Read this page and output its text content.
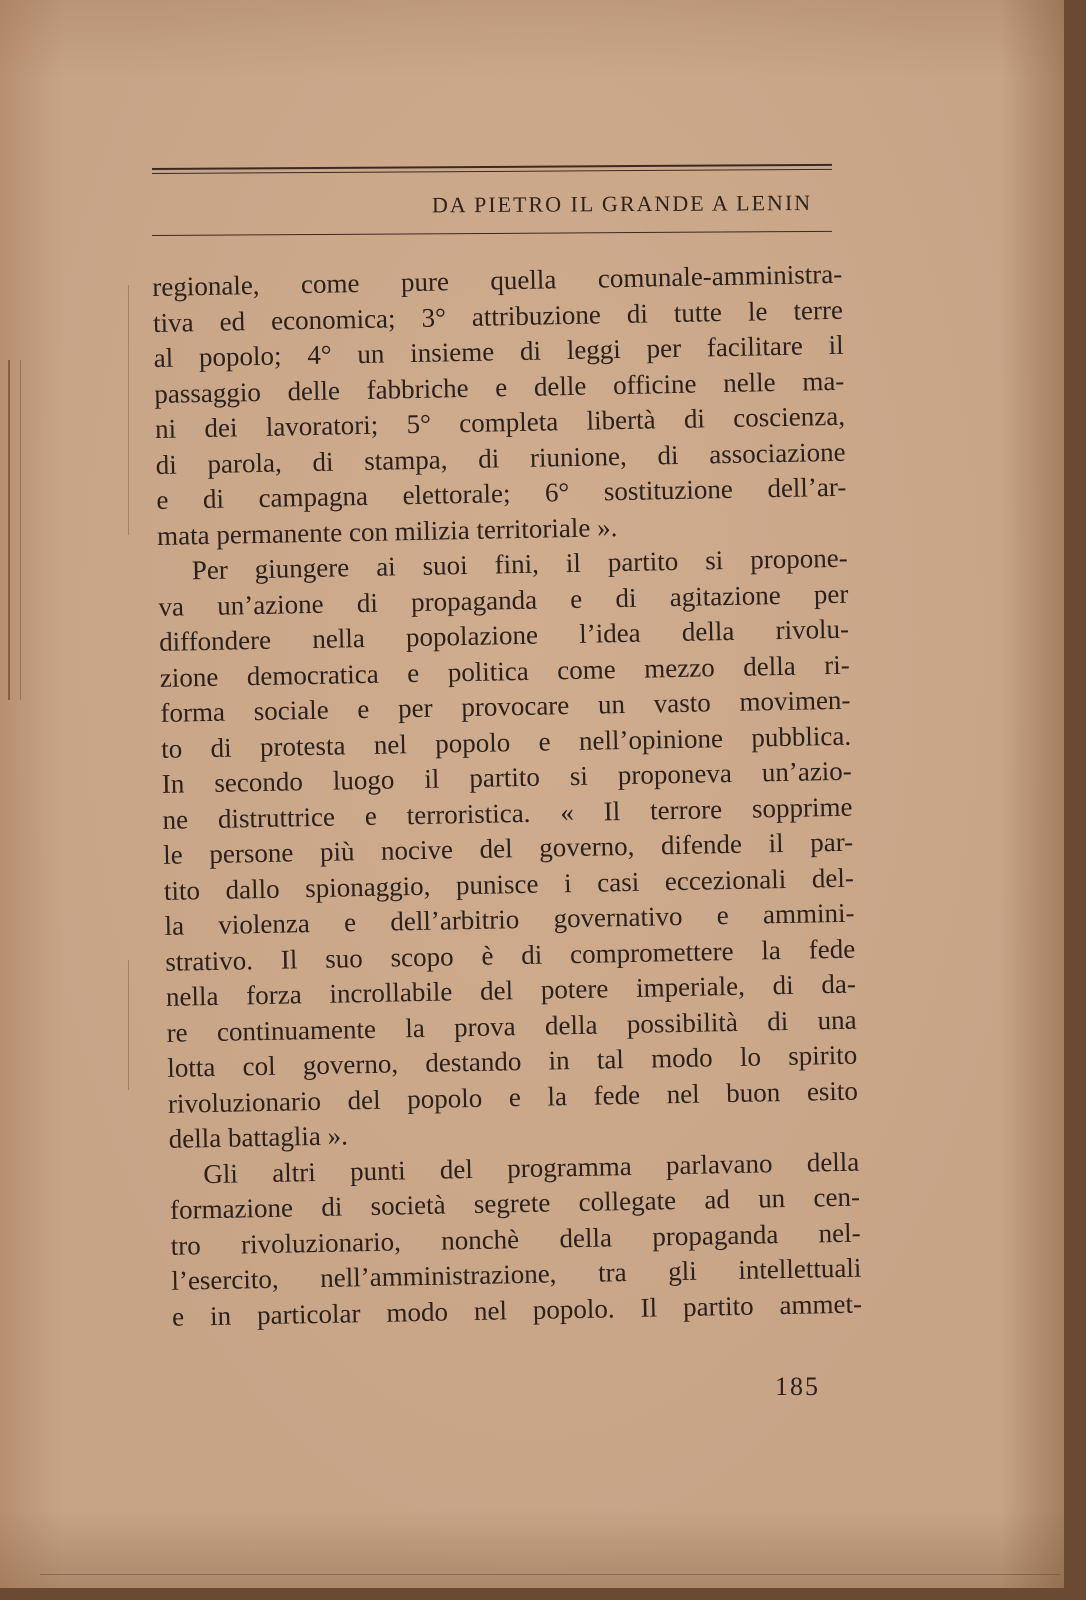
DA PIETRO IL GRANDE A LENIN
regionale, come pure quella comunale-amministra-
tiva ed economica; 3° attribuzione di tutte le terre
al popolo; 4° un insieme di leggi per facilitare il
passaggio delle fabbriche e delle officine nelle ma-
ni dei lavoratori; 5° completa libertà di coscienza,
di parola, di stampa, di riunione, di associazione
e di campagna elettorale; 6° sostituzione dell’ar-
mata permanente con milizia territoriale ».
Per giungere ai suoi fini, il partito si propone-
va un’azione di propaganda e di agitazione per
diffondere nella popolazione l’idea della rivolu-
zione democratica e politica come mezzo della ri-
forma sociale e per provocare un vasto movimen-
to di protesta nel popolo e nell’opinione pubblica.
In secondo luogo il partito si proponeva un’azio-
ne distruttrice e terroristica. « Il terrore sopprime
le persone più nocive del governo, difende il par-
tito dallo spionaggio, punisce i casi eccezionali del-
la violenza e dell’arbitrio governativo e ammini-
strativo. Il suo scopo è di compromettere la fede
nella forza incrollabile del potere imperiale, di da-
re continuamente la prova della possibilità di una
lotta col governo, destando in tal modo lo spirito
rivoluzionario del popolo e la fede nel buon esito
della battaglia ».
Gli altri punti del programma parlavano della
formazione di società segrete collegate ad un cen-
tro rivoluzionario, nonchè della propaganda nel-
l’esercito, nell’amministrazione, tra gli intellettuali
e in particolar modo nel popolo. Il partito ammet-
185
